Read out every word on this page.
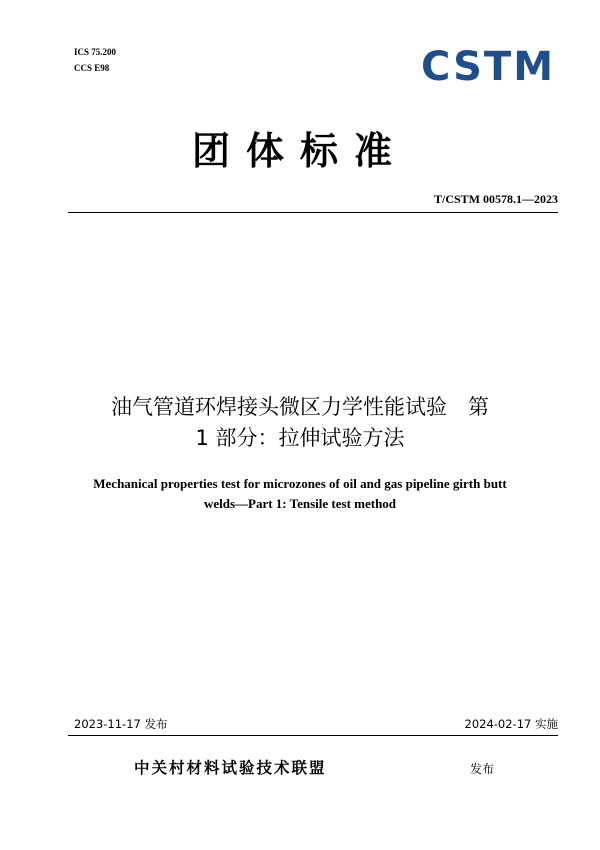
ICS 75.200
CCS E98	CSTM
团体标准
T/CSTM 00578.1—2023
油气管道环焊接头微区力学性能试验　第
1 部分：拉伸试验方法
Mechanical properties test for microzones of oil and gas pipeline girth butt
welds—Part 1: Tensile test method
2023-11-17 发布	2024-02-17 实施
中关村材料试验技术联盟	发布
